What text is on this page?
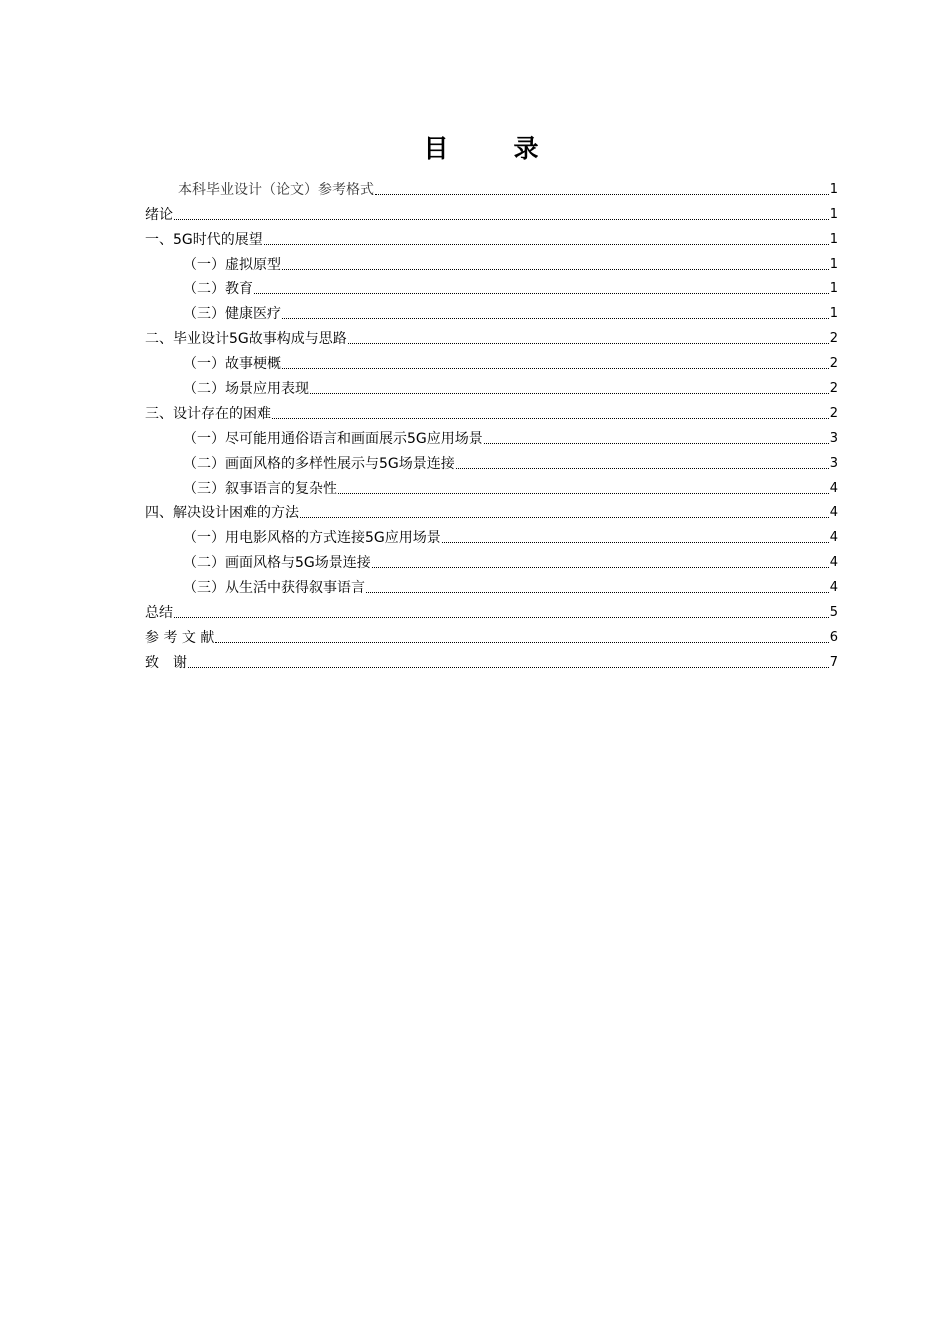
目　录
本科毕业设计（论文）参考格式	1
绪论	1
一、5G时代的展望	1
（一）虚拟原型	1
（二）教育	1
（三）健康医疗	1
二、毕业设计5G故事构成与思路	2
（一）故事梗概	2
（二）场景应用表现	2
三、设计存在的困难	2
（一）尽可能用通俗语言和画面展示5G应用场景	3
（二）画面风格的多样性展示与5G场景连接	3
（三）叙事语言的复杂性	4
四、解决设计困难的方法	4
（一）用电影风格的方式连接5G应用场景	4
（二）画面风格与5G场景连接	4
（三）从生活中获得叙事语言	4
总结	5
参 考 文 献	6
致　谢	7
